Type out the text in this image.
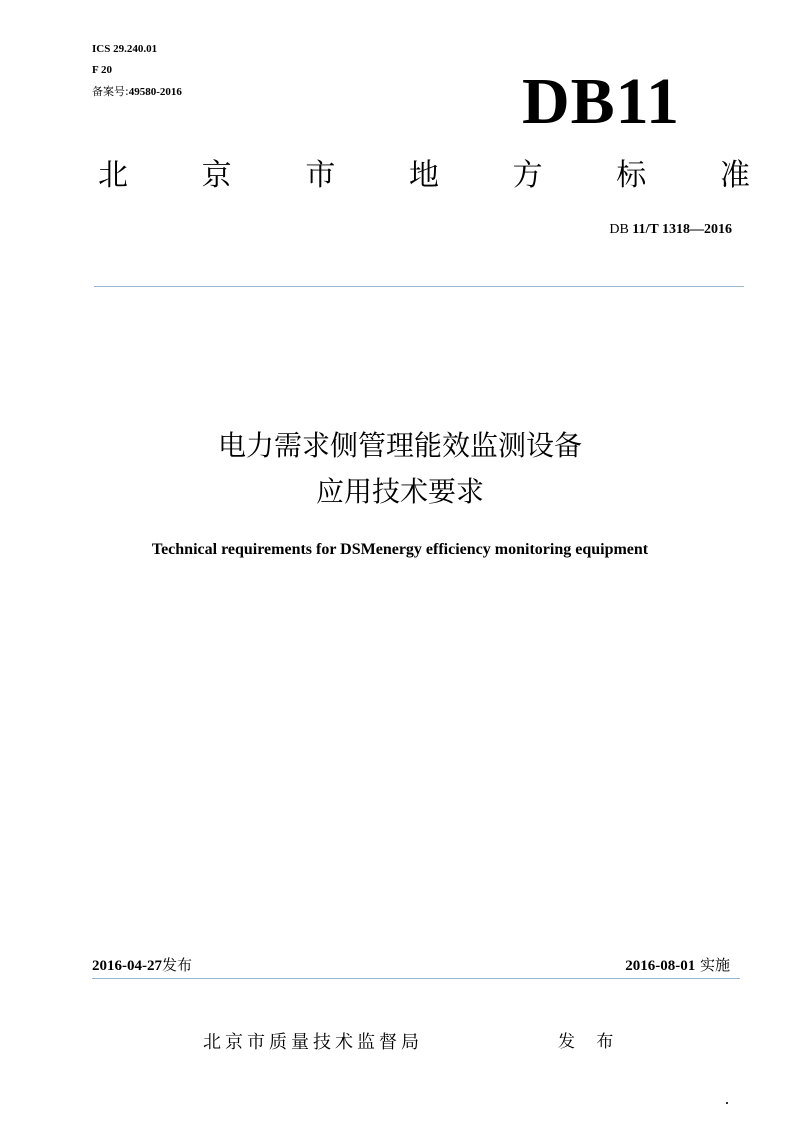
ICS 29.240.01
F 20
备案号:49580-2016	DB11
北 京 市 地 方 标 准
DB 11/T 1318—2016
电力需求侧管理能效监测设备
应用技术要求
Technical requirements for DSMenergy efficiency monitoring equipment
2016-04-27发布	2016-08-01 实施
北京市质量技术监督局	发 布
